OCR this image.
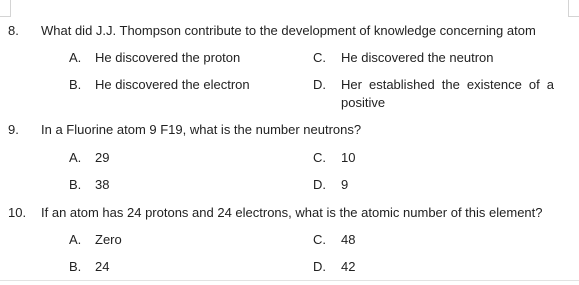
8. What did J.J. Thompson contribute to the development of knowledge concerning atom
A. He discovered the proton	C. He discovered the neutron
B. He discovered the electron	D. Her established the existence of a
positive
9. In a Fluorine atom 9 F19, what is the number neutrons?
A. 29	C. 10
B. 38	D. 9
10. If an atom has 24 protons and 24 electrons, what is the atomic number of this element?
A. Zero	C. 48
B. 24	D. 42
